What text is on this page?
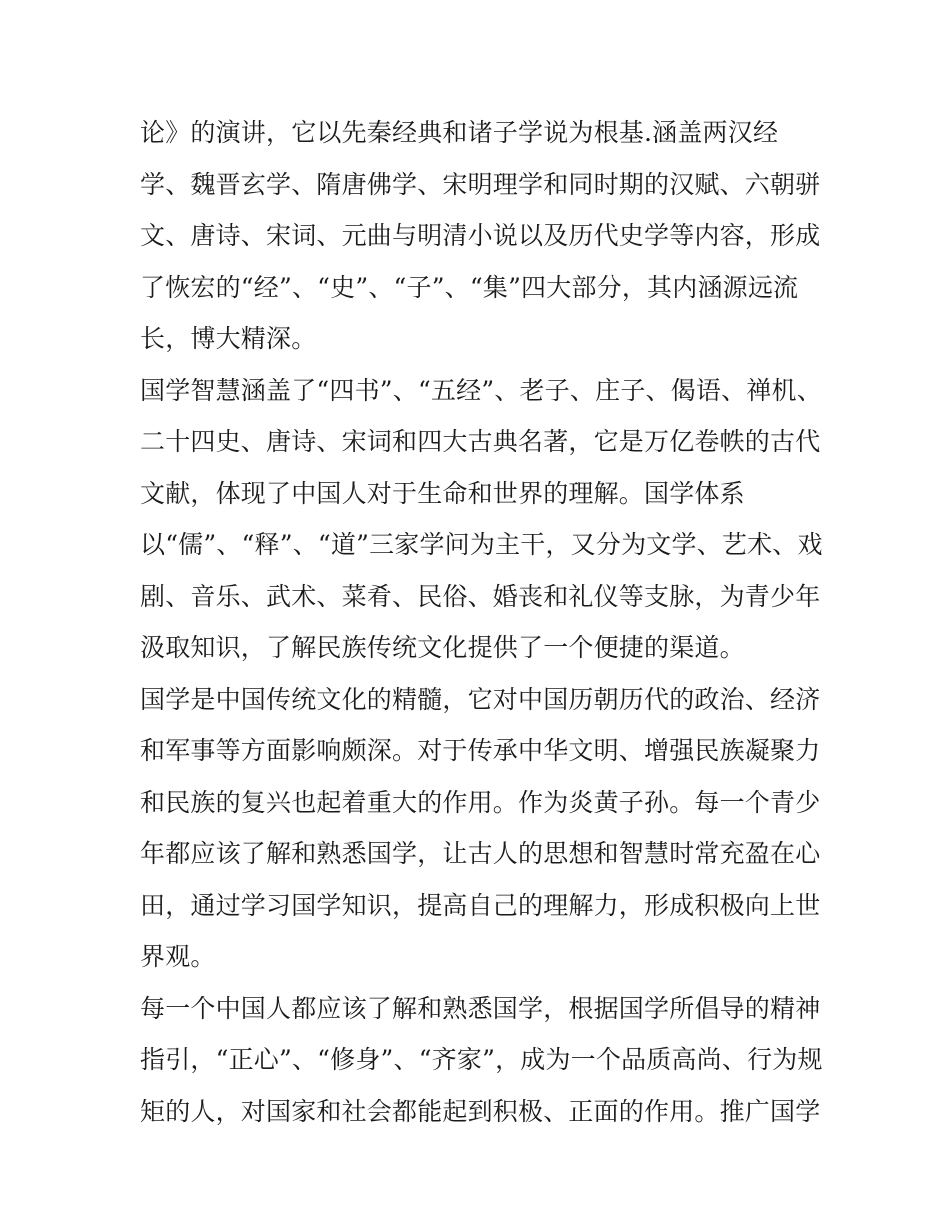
论》的演讲，它以先秦经典和诸子学说为根基.涵盖两汉经
学、魏晋玄学、隋唐佛学、宋明理学和同时期的汉赋、六朝骈
文、唐诗、宋词、元曲与明清小说以及历代史学等内容，形成
了恢宏的“经”、“史”、“子”、“集”四大部分，其内涵源远流
长，博大精深。
国学智慧涵盖了“四书”、“五经”、老子、庄子、偈语、禅机、
二十四史、唐诗、宋词和四大古典名著，它是万亿卷帙的古代
文献，体现了中国人对于生命和世界的理解。国学体系
以“儒”、“释”、“道”三家学问为主干，又分为文学、艺术、戏
剧、音乐、武术、菜肴、民俗、婚丧和礼仪等支脉，为青少年
汲取知识，了解民族传统文化提供了一个便捷的渠道。
国学是中国传统文化的精髓，它对中国历朝历代的政治、经济
和军事等方面影响颇深。对于传承中华文明、增强民族凝聚力
和民族的复兴也起着重大的作用。作为炎黄子孙。每一个青少
年都应该了解和熟悉国学，让古人的思想和智慧时常充盈在心
田，通过学习国学知识，提高自己的理解力，形成积极向上世
界观。
每一个中国人都应该了解和熟悉国学，根据国学所倡导的精神
指引，“正心”、“修身”、“齐家”，成为一个品质高尚、行为规
矩的人，对国家和社会都能起到积极、正面的作用。推广国学
